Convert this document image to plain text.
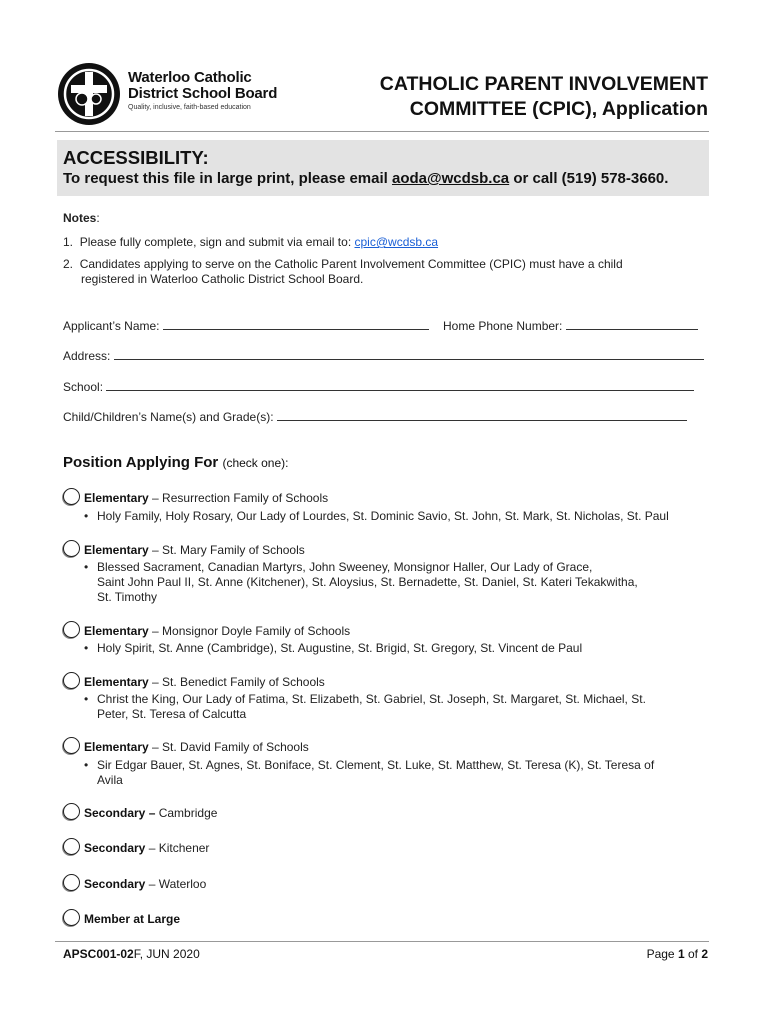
Waterloo Catholic
District School Board
Quality, inclusive, faith-based education
CATHOLIC PARENT INVOLVEMENT
COMMITTEE (CPIC), Application
ACCESSIBILITY:
To request this file in large print, please email aoda@wcdsb.ca or call (519) 578-3660.
Notes:
1. Please fully complete, sign and submit via email to: cpic@wcdsb.ca
2. Candidates applying to serve on the Catholic Parent Involvement Committee (CPIC) must have a child
registered in Waterloo Catholic District School Board.
Applicant’s Name:	Home Phone Number:
Address:
School:
Child/Children’s Name(s) and Grade(s):
Position Applying For (check one):
Elementary – Resurrection Family of Schools
• Holy Family, Holy Rosary, Our Lady of Lourdes, St. Dominic Savio, St. John, St. Mark, St. Nicholas, St. Paul
Elementary – St. Mary Family of Schools
• Blessed Sacrament, Canadian Martyrs, John Sweeney, Monsignor Haller, Our Lady of Grace,
Saint John Paul II, St. Anne (Kitchener), St. Aloysius, St. Bernadette, St. Daniel, St. Kateri Tekakwitha,
St. Timothy
Elementary – Monsignor Doyle Family of Schools
• Holy Spirit, St. Anne (Cambridge), St. Augustine, St. Brigid, St. Gregory, St. Vincent de Paul
Elementary – St. Benedict Family of Schools
• Christ the King, Our Lady of Fatima, St. Elizabeth, St. Gabriel, St. Joseph, St. Margaret, St. Michael, St.
Peter, St. Teresa of Calcutta
Elementary – St. David Family of Schools
• Sir Edgar Bauer, St. Agnes, St. Boniface, St. Clement, St. Luke, St. Matthew, St. Teresa (K), St. Teresa of
Avila
Secondary – Cambridge
Secondary – Kitchener
Secondary – Waterloo
Member at Large
APSC001-02F, JUN 2020	Page 1 of 2
